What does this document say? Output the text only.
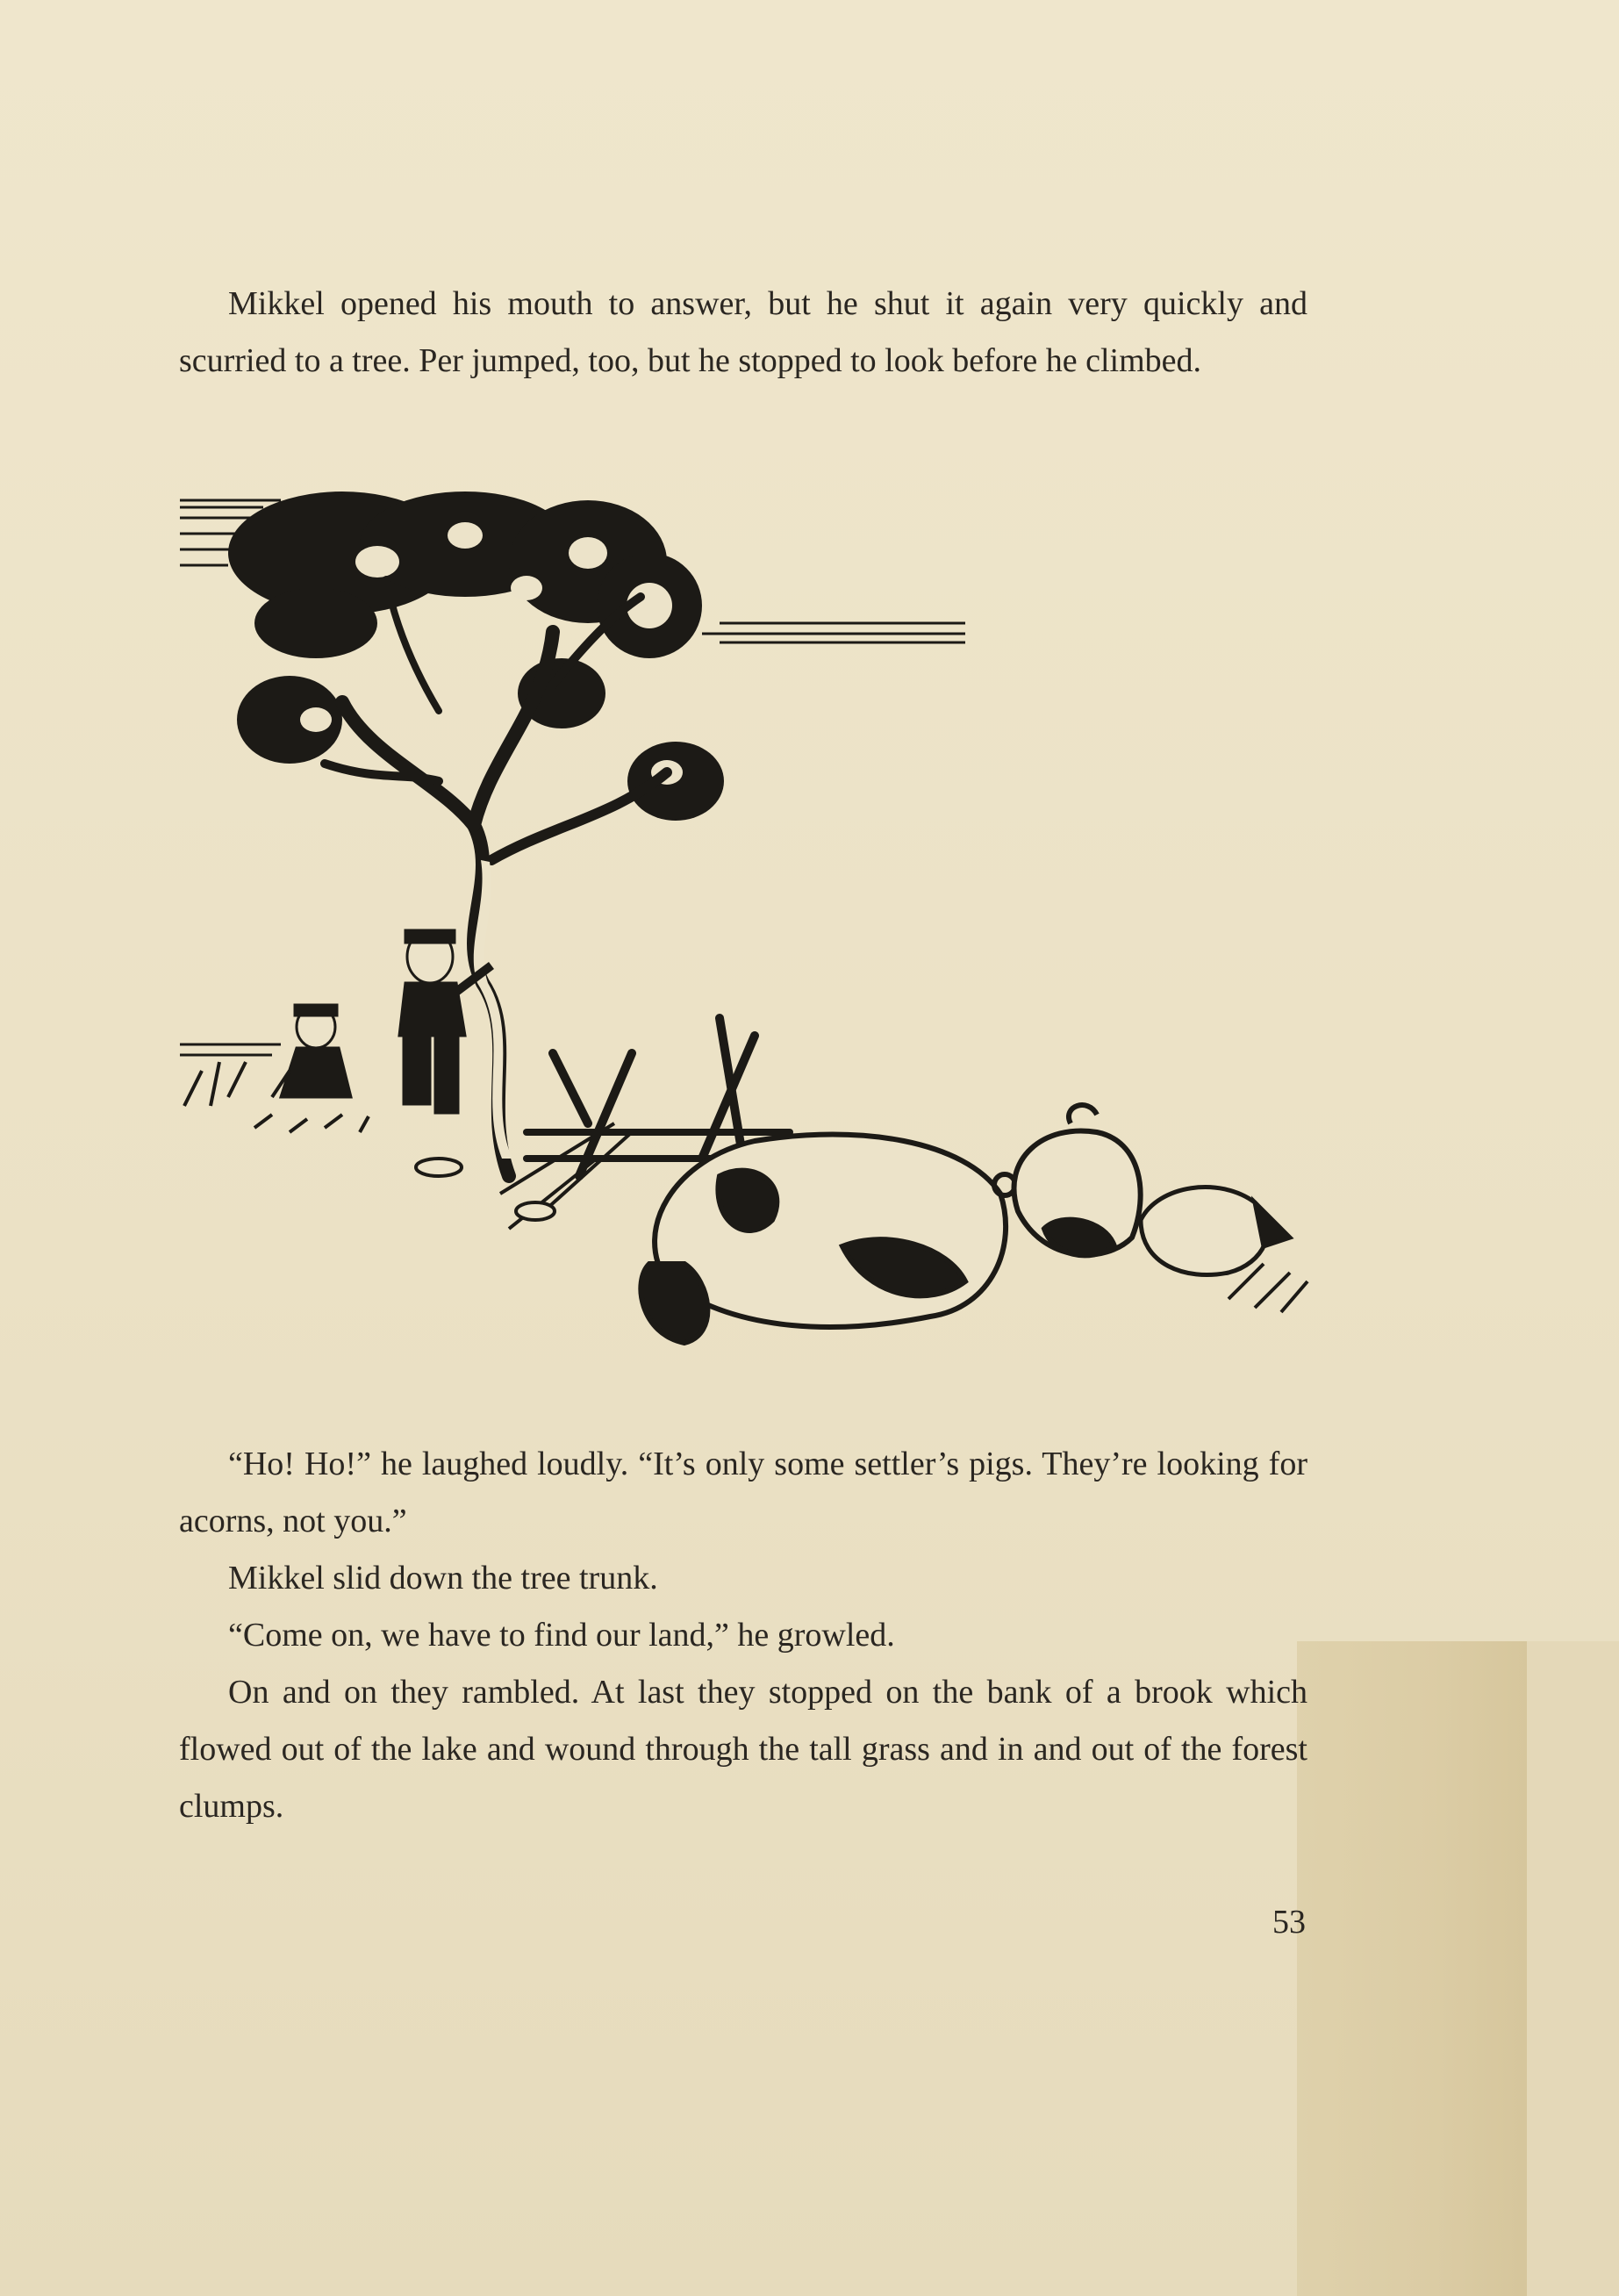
Mikkel opened his mouth to answer, but he shut it again very quickly and scurried to a tree. Per jumped, too, but he stopped to look before he climbed.

“Ho! Ho!” he laughed loudly. “It’s only some settler’s pigs. They’re looking for acorns, not you.”

Mikkel slid down the tree trunk.

“Come on, we have to find our land,” he growled.

On and on they rambled. At last they stopped on the bank of a brook which flowed out of the lake and wound through the tall grass and in and out of the forest clumps.

53
